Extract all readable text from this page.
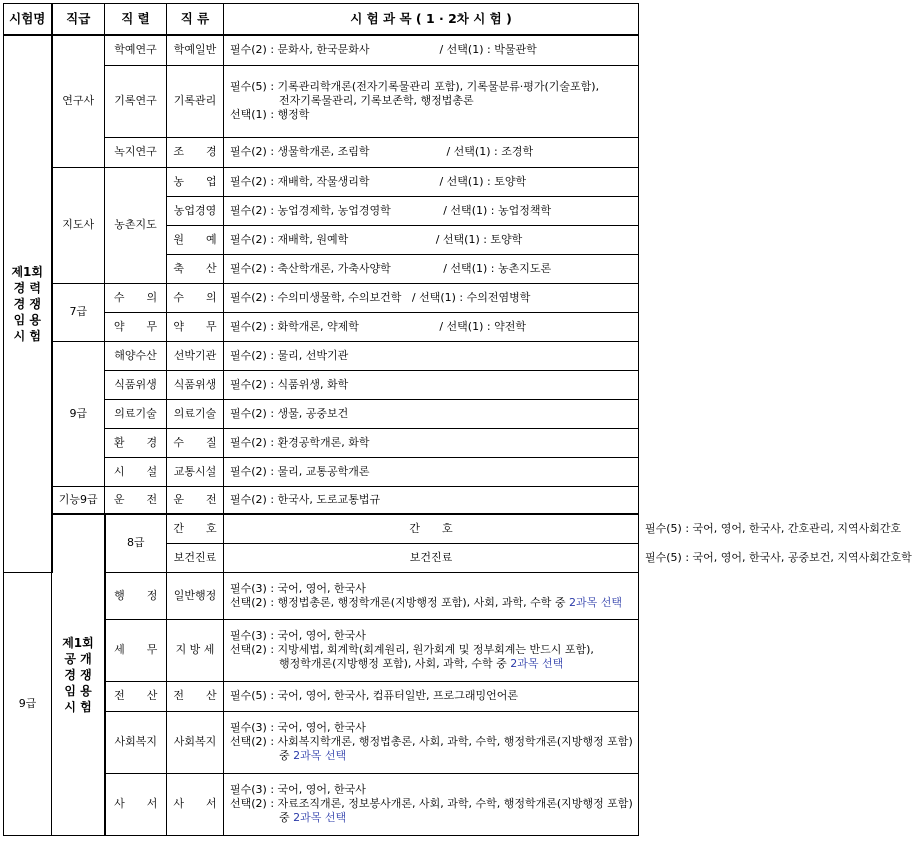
시험명	직급	직 렬	직 류	시 험 과 목 ( 1 · 2차 시 험 )	
제1회
경 력
경 쟁
임 용
시 험	연구사	학예연구	학예일반	필수(2) : 문화사, 한국문화사                    / 선택(1) : 박물관학	
		기록연구	기록관리	필수(5) : 기록관리학개론(전자기록물관리 포함), 기록물분류·평가(기술포함),
전자기록물관리, 기록보존학, 행정법총론
선택(1) : 행정학	
		녹지연구	조　　경	필수(2) : 생물학개론, 조림학                      / 선택(1) : 조경학	
	지도사	농촌지도	농　　업	필수(2) : 재배학, 작물생리학                    / 선택(1) : 토양학	
			농업경영	필수(2) : 농업경제학, 농업경영학               / 선택(1) : 농업정책학	
			원　　예	필수(2) : 재배학, 원예학                         / 선택(1) : 토양학	
			축　　산	필수(2) : 축산학개론, 가축사양학               / 선택(1) : 농촌지도론	
	7급	수　　의	수　　의	필수(2) : 수의미생물학, 수의보건학   / 선택(1) : 수의전염병학	
		약　　무	약　　무	필수(2) : 화학개론, 약제학                       / 선택(1) : 약전학	
	9급	해양수산	선박기관	필수(2) : 물리, 선박기관	
		식품위생	식품위생	필수(2) : 식품위생, 화학	
		의료기술	의료기술	필수(2) : 생물, 공중보건	
		환　　경	수　　질	필수(2) : 환경공학개론, 화학	
		시　　설	교통시설	필수(2) : 물리, 교통공학개론	
	기능9급	운　　전	운　　전	필수(2) : 한국사, 도로교통법규	
	제1회
공 개
경 쟁
임 용
시 험	8급	간　　호	간　　호	필수(5) : 국어, 영어, 한국사, 간호관리, 지역사회간호
			보건진료	보건진료	필수(5) : 국어, 영어, 한국사, 공중보건, 지역사회간호학
9급		행　　정	일반행정	필수(3) : 국어, 영어, 한국사
선택(2) : 행정법총론, 행정학개론(지방행정 포함), 사회, 과학, 수학 중 2과목 선택	
		세　　무	지 방 세	필수(3) : 국어, 영어, 한국사
선택(2) : 지방세법, 회계학(회계원리, 원가회계 및 정부회계는 반드시 포함),
행정학개론(지방행정 포함), 사회, 과학, 수학 중 2과목 선택	
		전　　산	전　　산	필수(5) : 국어, 영어, 한국사, 컴퓨터일반, 프로그래밍언어론	
		사회복지	사회복지	필수(3) : 국어, 영어, 한국사
선택(2) : 사회복지학개론, 행정법총론, 사회, 과학, 수학, 행정학개론(지방행정 포함)
중 2과목 선택	
		사　　서	사　　서	필수(3) : 국어, 영어, 한국사
선택(2) : 자료조직개론, 정보봉사개론, 사회, 과학, 수학, 행정학개론(지방행정 포함)
중 2과목 선택	
